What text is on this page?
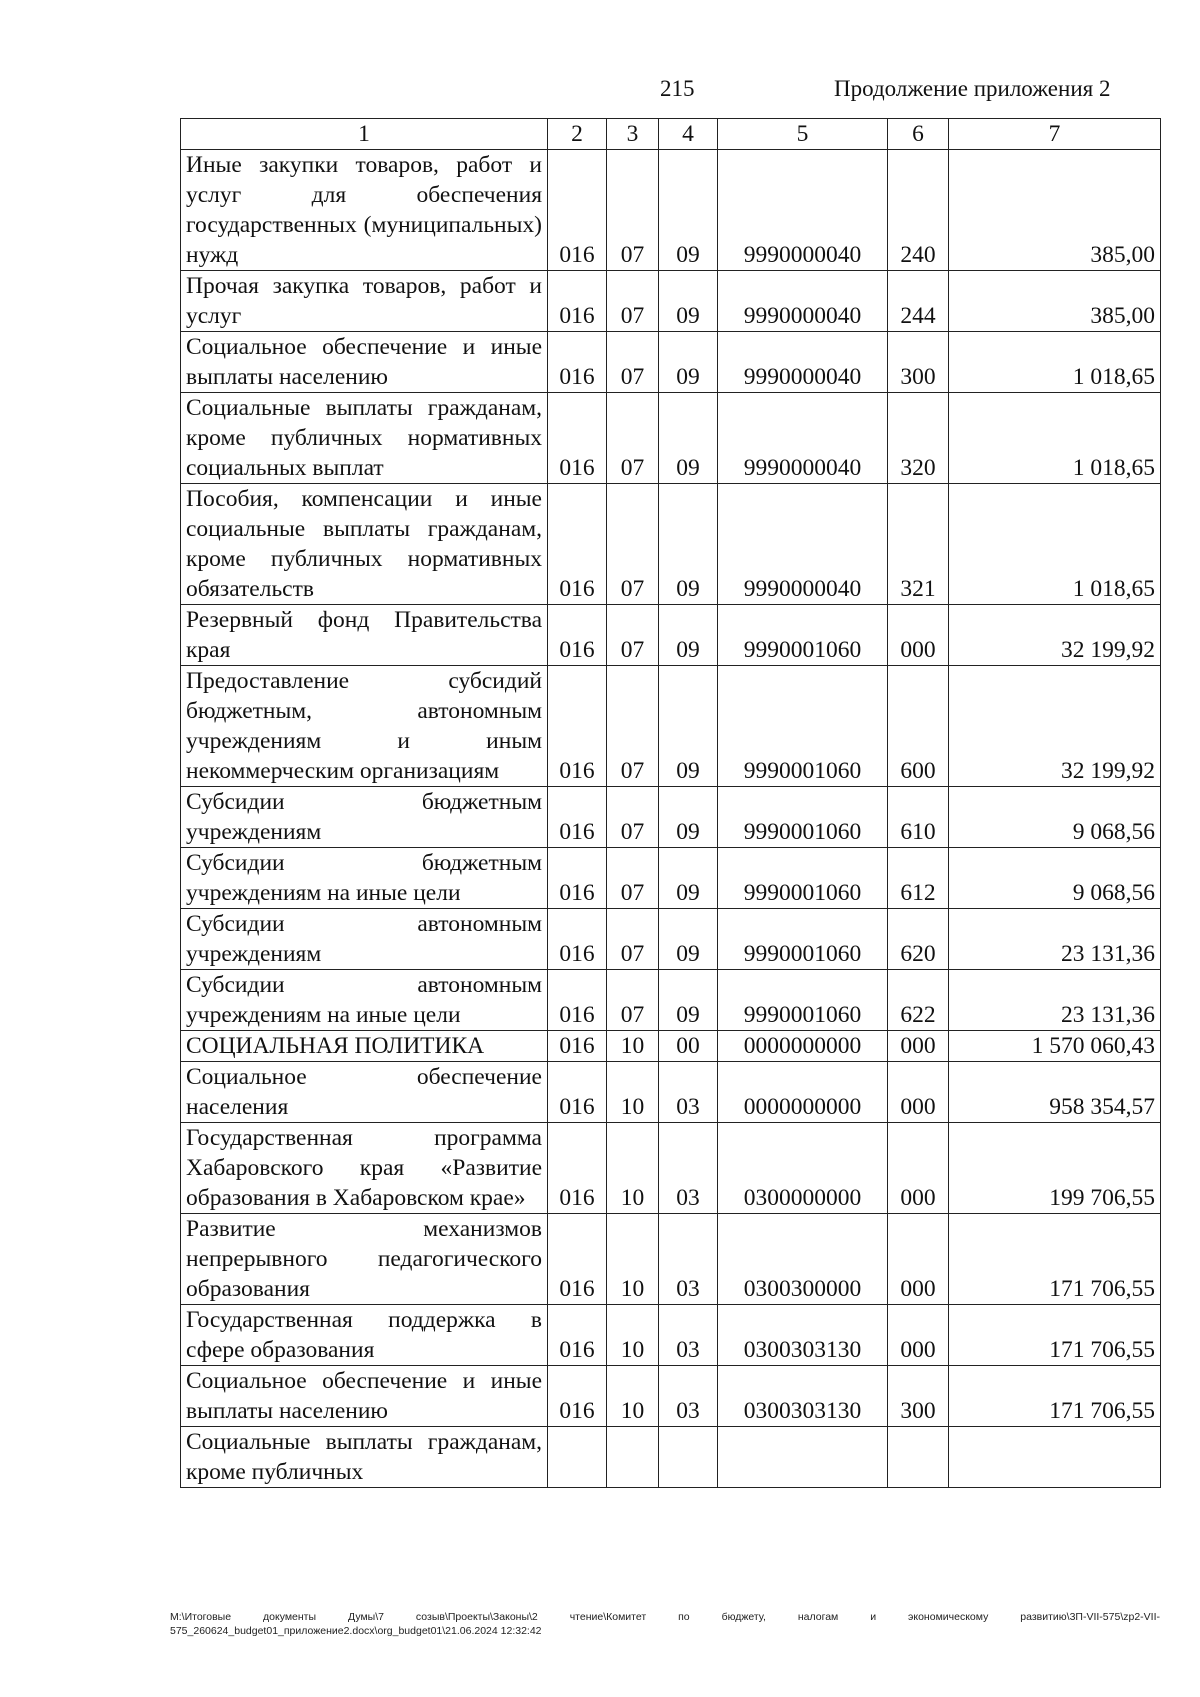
215	Продолжение приложения 2
1	2	3	4	5	6	7
Иные закупки товаров, работ и услуг для обеспечения государственных (муниципальных) нужд	016	07	09	9990000040	240	385,00
Прочая закупка товаров, работ и услуг	016	07	09	9990000040	244	385,00
Социальное обеспечение и иные выплаты населению	016	07	09	9990000040	300	1 018,65
Социальные выплаты гражданам, кроме публичных нормативных социальных выплат	016	07	09	9990000040	320	1 018,65
Пособия, компенсации и иные социальные выплаты гражданам, кроме публичных нормативных обязательств	016	07	09	9990000040	321	1 018,65
Резервный фонд Правительства края	016	07	09	9990001060	000	32 199,92
Предоставление субсидий бюджетным, автономным учреждениям и иным некоммерческим организациям	016	07	09	9990001060	600	32 199,92
Субсидии бюджетным учреждениям	016	07	09	9990001060	610	9 068,56
Субсидии бюджетным учреждениям на иные цели	016	07	09	9990001060	612	9 068,56
Субсидии автономным учреждениям	016	07	09	9990001060	620	23 131,36
Субсидии автономным учреждениям на иные цели	016	07	09	9990001060	622	23 131,36
СОЦИАЛЬНАЯ ПОЛИТИКА	016	10	00	0000000000	000	1 570 060,43
Социальное обеспечение населения	016	10	03	0000000000	000	958 354,57
Государственная программа Хабаровского края «Развитие образования в Хабаровском крае»	016	10	03	0300000000	000	199 706,55
Развитие механизмов непрерывного педагогического образования	016	10	03	0300300000	000	171 706,55
Государственная поддержка в сфере образования	016	10	03	0300303130	000	171 706,55
Социальное обеспечение и иные выплаты населению	016	10	03	0300303130	300	171 706,55
Социальные выплаты гражданам, кроме публичных						
M:\Итоговые документы Думы\7 созыв\Проекты\Законы\2 чтение\Комитет по бюджету, налогам и экономическому развитию\3П-VII-575\zp2-VII-575_260624_budget01_приложение2.docx\org_budget01\21.06.2024 12:32:42
